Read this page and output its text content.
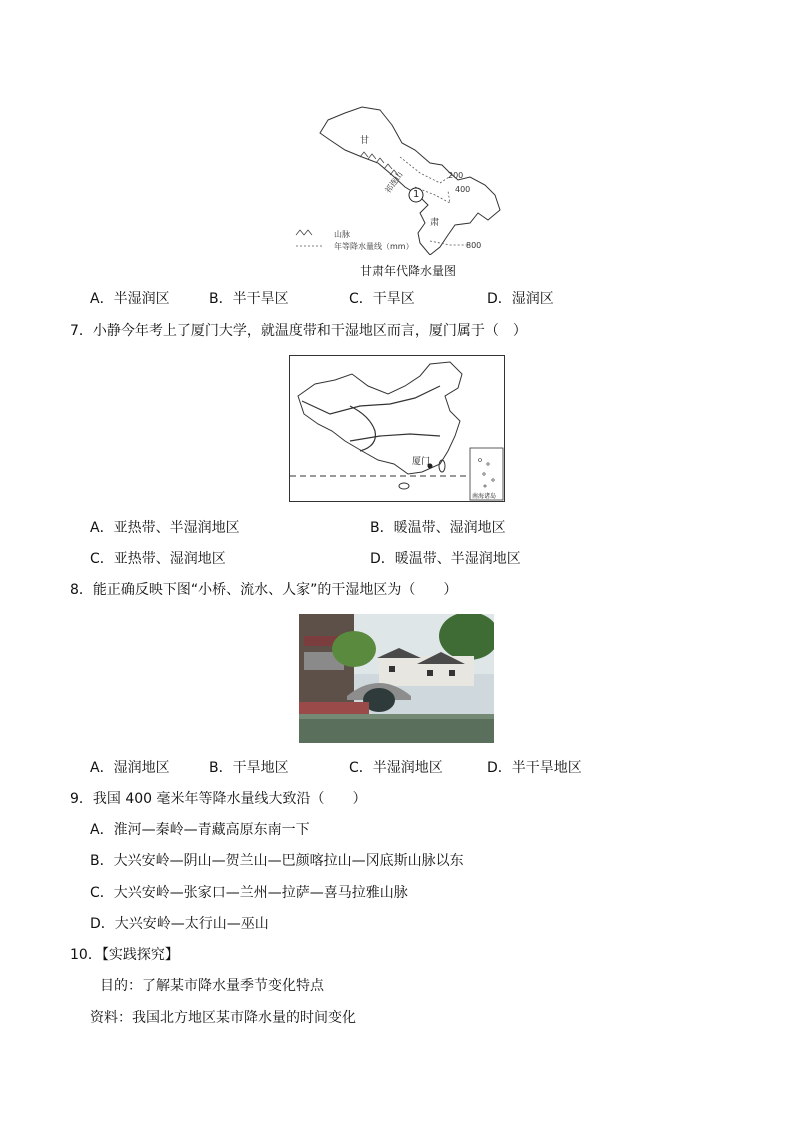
甘
肃
祁连山 1
200
400
800
山脉
年等降水量线（mm）
甘肃年代降水量图
A．半湿润区	B．半干旱区	C．干旱区	D．湿润区
7．小静今年考上了厦门大学，就温度带和干湿地区而言，厦门属于（　）
厦门
南海诸岛
A．亚热带、半湿润地区	B．暖温带、湿润地区
C．亚热带、湿润地区	D．暖温带、半湿润地区
8．能正确反映下图“小桥、流水、人家”的干湿地区为（　　）
A．湿润地区	B．干旱地区	C．半湿润地区	D．半干旱地区
9．我国 400 毫米年等降水量线大致沿（　　）
A．淮河—秦岭—青藏高原东南一下
B．大兴安岭—阴山—贺兰山—巴颜喀拉山—冈底斯山脉以东
C．大兴安岭—张家口—兰州—拉萨—喜马拉雅山脉
D．大兴安岭—太行山—巫山
10．【实践探究】
目的：了解某市降水量季节变化特点
资料：我国北方地区某市降水量的时间变化
